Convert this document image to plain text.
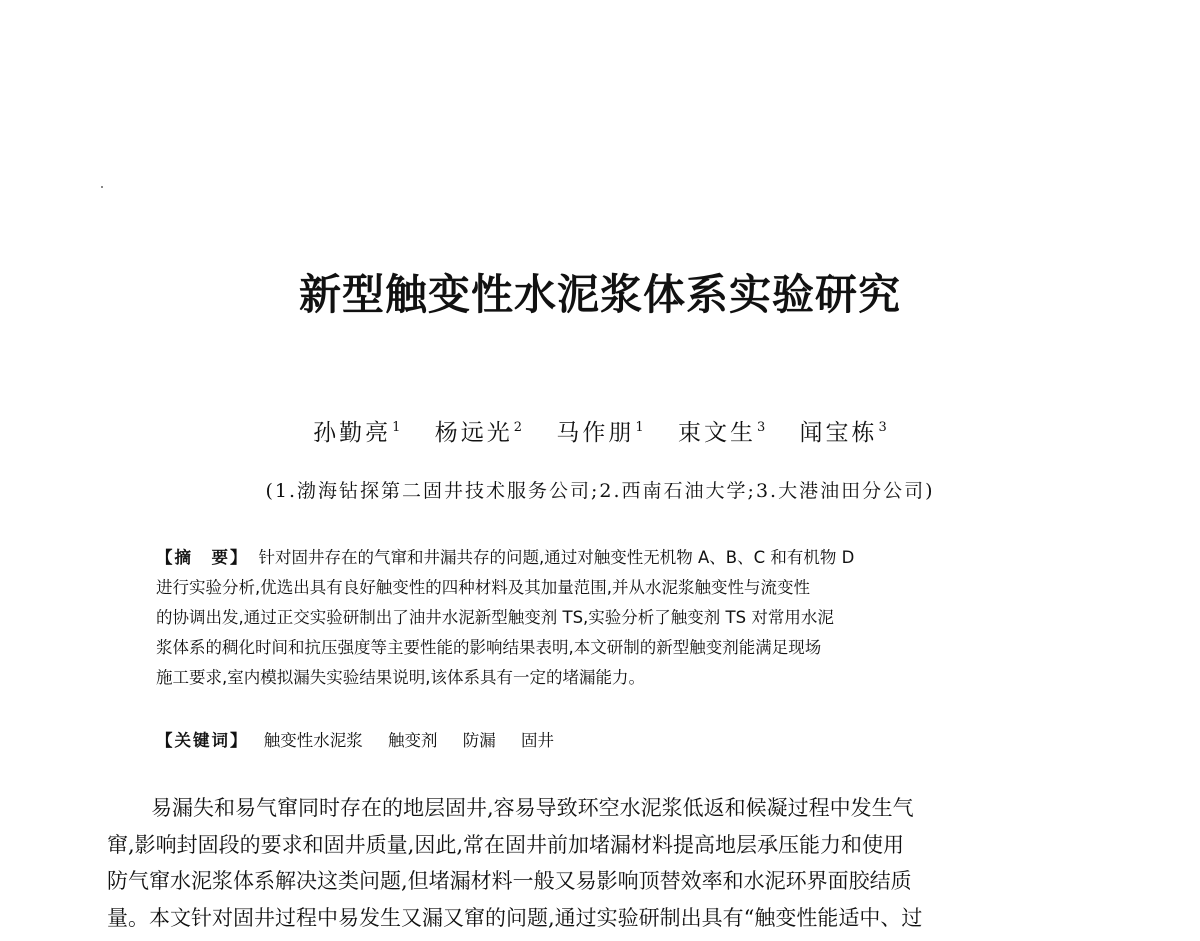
新型触变性水泥浆体系实验研究
孙勤亮$^1$ 杨远光$^2$ 马作朋$^1$ 束文生$^3$ 闻宝栋$^3$
(1.渤海钻探第二固井技术服务公司;2.西南石油大学;3.大港油田分公司)
【摘　要】 针对固井存在的气窜和井漏共存的问题,通过对触变性无机物 A、B、C 和有机物 D
进行实验分析,优选出具有良好触变性的四种材料及其加量范围,并从水泥浆触变性与流变性
的协调出发,通过正交实验研制出了油井水泥新型触变剂 TS,实验分析了触变剂 TS 对常用水泥
浆体系的稠化时间和抗压强度等主要性能的影响结果表明,本文研制的新型触变剂能满足现场
施工要求,室内模拟漏失实验结果说明,该体系具有一定的堵漏能力。
【关键词】 触变性水泥浆 触变剂 防漏 固井
易漏失和易气窜同时存在的地层固井,容易导致环空水泥浆低返和候凝过程中发生气
窜,影响封固段的要求和固井质量,因此,常在固井前加堵漏材料提高地层承压能力和使用
防气窜水泥浆体系解决这类问题,但堵漏材料一般又易影响顶替效率和水泥环界面胶结质
量。本文针对固井过程中易发生又漏又窜的问题,通过实验研制出具有“触变性能适中、过
